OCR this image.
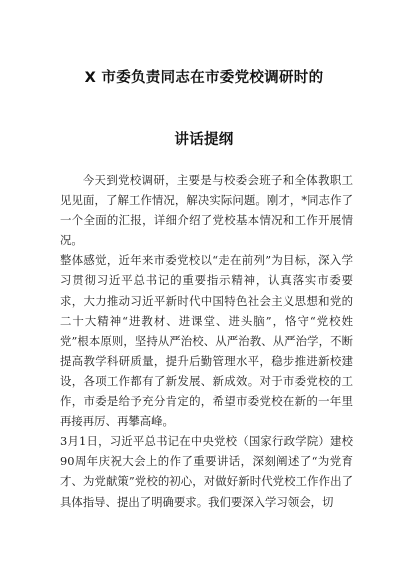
X 市委负责同志在市委党校调研时的
讲话提纲

今天到党校调研，主要是与校委会班子和全体教职工见见面，了解工作情况，解决实际问题。刚才，*同志作了一个全面的汇报，详细介绍了党校基本情况和工作开展情况。

整体感觉，近年来市委党校以“走在前列”为目标，深入学习贯彻习近平总书记的重要指示精神，认真落实市委要求，大力推动习近平新时代中国特色社会主义思想和党的二十大精神“进教材、进课堂、进头脑”，恪守“党校姓党”根本原则，坚持从严治校、从严治教、从严治学，不断提高教学科研质量，提升后勤管理水平，稳步推进新校建设，各项工作都有了新发展、新成效。对于市委党校的工作，市委是给予充分肯定的，希望市委党校在新的一年里再接再厉、再攀高峰。

3月1日，习近平总书记在中央党校（国家行政学院）建校90周年庆祝大会上的作了重要讲话，深刻阐述了“为党育才、为党献策”党校的初心，对做好新时代党校工作作出了具体指导、提出了明确要求。我们要深入学习领会，切
